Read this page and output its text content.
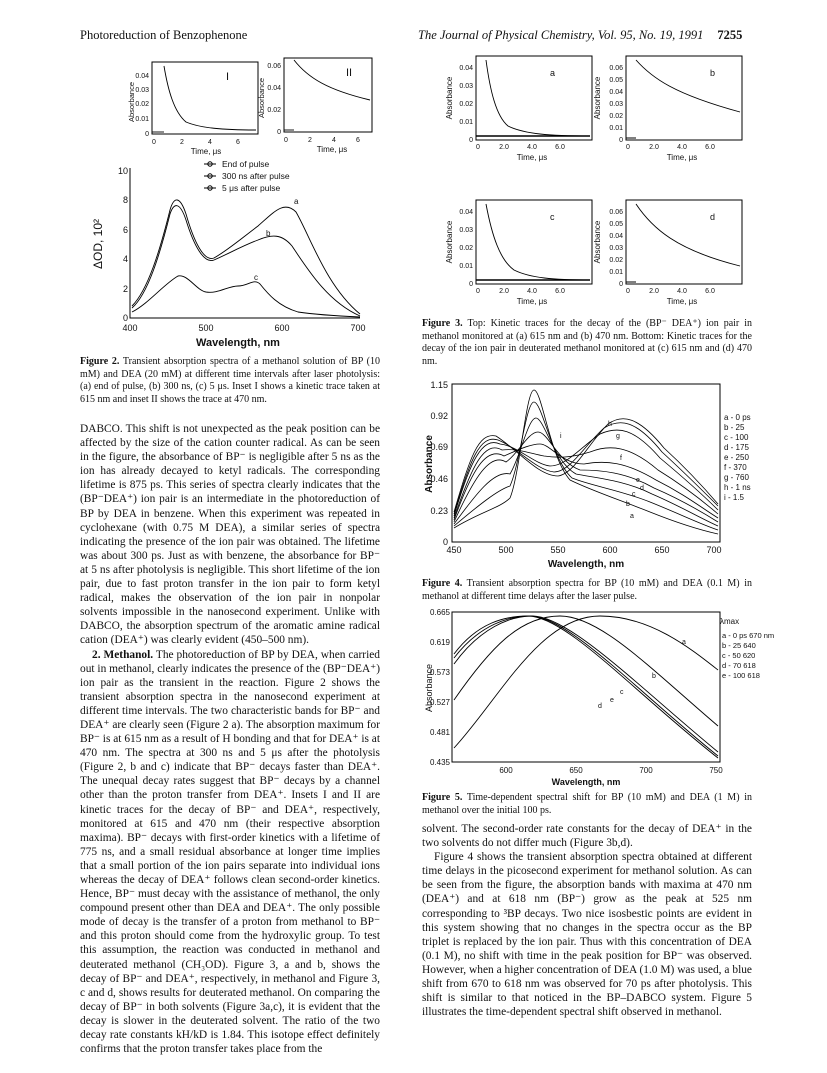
Photoreduction of Benzophenone	The Journal of Physical Chemistry, Vol. 95, No. 19, 1991 7255
I
Absorbance
0
0.01
0.02
0.03
0.04
0	2	4	6
Time, μs
II
Absorbance
0
0.02
0.04
0.06
0	2	4	6
Time, μs
End of pulse
300 ns after pulse
5 μs after pulse
0
2
4
6
8
10
ΔOD, 10²
400	500	600	700
Wavelength, nm
a
b
c
Figure 2. Transient absorption spectra of a methanol solution of BP (10 mM) and DEA (20 mM) at different time intervals after laser photolysis: (a) end of pulse, (b) 300 ns, (c) 5 μs. Inset I shows a kinetic trace taken at 615 nm and inset II shows the trace at 470 nm.

DABCO. This shift is not unexpected as the peak position can be affected by the size of the cation counter radical. As can be seen in the figure, the absorbance of BP⁻ is negligible after 5 ns as the ion has already decayed to ketyl radicals. The corresponding lifetime is 875 ps. This series of spectra clearly indicates that the (BP⁻DEA⁺) ion pair is an intermediate in the photoreduction of BP by DEA in benzene. When this experiment was repeated in cyclohexane (with 0.75 M DEA), a similar series of spectra indicating the presence of the ion pair was obtained. The lifetime was about 300 ps. Just as with benzene, the absorbance for BP⁻ at 5 ns after photolysis is negligible. This short lifetime of the ion pair, due to fast proton transfer in the ion pair to form ketyl radical, makes the observation of the ion pair in nonpolar solvents impossible in the nanosecond experiment. Unlike with DABCO, the absorption spectrum of the aromatic amine radical cation (DEA⁺) was clearly evident (450–500 nm).

2. Methanol. The photoreduction of BP by DEA, when carried out in methanol, clearly indicates the presence of the (BP⁻DEA⁺) ion pair as the transient in the reaction. Figure 2 shows the transient absorption spectra in the nanosecond experiment at different time intervals. The two characteristic bands for BP⁻ and DEA⁺ are clearly seen (Figure 2 a). The absorption maximum for BP⁻ is at 615 nm as a result of H bonding and that for DEA⁺ is at 470 nm. The spectra at 300 ns and 5 μs after the photolysis (Figure 2, b and c) indicate that BP⁻ decays faster than DEA⁺. The unequal decay rates suggest that BP⁻ decays by a channel other than the proton transfer from DEA⁺. Insets I and II are kinetic traces for the decay of BP⁻ and DEA⁺, respectively, monitored at 615 and 470 nm (their respective absorption maxima). BP⁻ decays with first-order kinetics with a lifetime of 775 ns, and a small residual absorbance at longer time implies that a small portion of the ion pairs separate into individual ions whereas the decay of DEA⁺ follows clean second-order kinetics. Hence, BP⁻ must decay with the assistance of methanol, the only compound present other than DEA and DEA⁺. The only possible mode of decay is the transfer of a proton from methanol to BP⁻ and this proton should come from the hydroxylic group. To test this assumption, the reaction was conducted in methanol and deuterated methanol (CH₃OD). Figure 3, a and b, shows the decay of BP⁻ and DEA⁺, respectively, in methanol and Figure 3, c and d, shows results for deuterated methanol. On comparing the decay of BP⁻ in both solvents (Figure 3a,c), it is evident that the decay is slower in the deuterated solvent. The ratio of the two decay rate constants kH/kD is 1.84. This isotope effect definitely confirms that the proton transfer takes place from the

a
Absorbance
0
0.01
0.02
0.03
0.04
0	2.0	4.0	6.0
Time, μs
b
Absorbance
0
0.01
0.02
0.03
0.04
0.05
0.06
0	2.0	4.0	6.0
Time, μs
c
Absorbance
0
0.01
0.02
0.03
0.04
0	2.0	4.0	6.0
Time, μs
d
Absorbance
0
0.01
0.02
0.03
0.04
0.05
0.06
0	2.0	4.0	6.0
Time, μs
Figure 3. Top: Kinetic traces for the decay of the (BP⁻ DEA⁺) ion pair in methanol monitored at (a) 615 nm and (b) 470 nm. Bottom: Kinetic traces for the decay of the ion pair in deuterated methanol monitored at (c) 615 nm and (d) 470 nm.
0
0.23
0.46
0.69
0.92
1.15
Absorbance
450	500	550	600	650	700
Wavelength, nm
a
b
c
d
e
f
g
h
i
a - 0 ps
b - 25
c - 100
d - 175
e - 250
f - 370
g - 760
h - 1 ns
i - 1.5
Figure 4. Transient absorption spectra for BP (10 mM) and DEA (0.1 M) in methanol at different time delays after the laser pulse.
0.435
0.481
0.527
0.573
0.619
0.665
Absorbance
600	650	700	750
Wavelength, nm
a
b
c
d
e
λmax
a - 0 ps 670 nm
b - 25 640
c - 50 620
d - 70 618
e - 100 618
Figure 5. Time-dependent spectral shift for BP (10 mM) and DEA (1 M) in methanol over the initial 100 ps.

solvent. The second-order rate constants for the decay of DEA⁺ in the two solvents do not differ much (Figure 3b,d).

Figure 4 shows the transient absorption spectra obtained at different time delays in the picosecond experiment for methanol solution. As can be seen from the figure, the absorption bands with maxima at 470 nm (DEA⁺) and at 618 nm (BP⁻) grow as the peak at 525 nm corresponding to ³BP decays. Two nice isosbestic points are evident in this system showing that no changes in the spectra occur as the BP triplet is replaced by the ion pair. Thus with this concentration of DEA (0.1 M), no shift with time in the peak position for BP⁻ was observed. However, when a higher concentration of DEA (1.0 M) was used, a blue shift from 670 to 618 nm was observed for 70 ps after photolysis. This shift is similar to that noticed in the BP–DABCO system. Figure 5 illustrates the time-dependent spectral shift observed in methanol.
